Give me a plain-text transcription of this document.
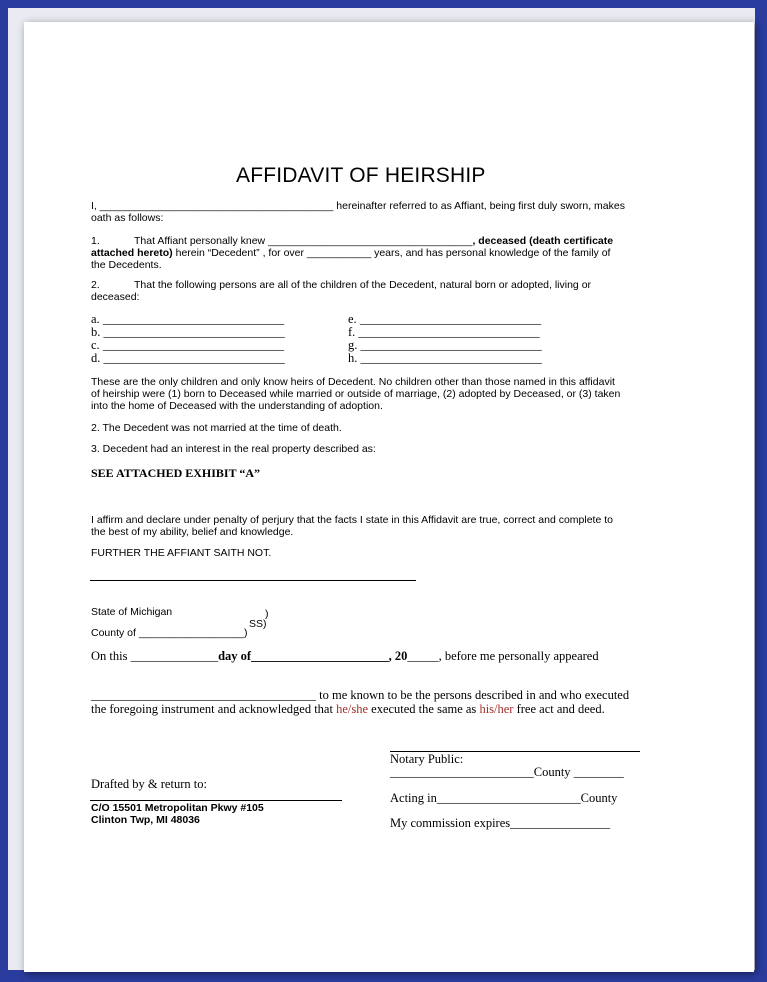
AFFIDAVIT OF HEIRSHIP
I, ________________________________________ hereinafter referred to as Affiant, being first duly sworn, makes
oath as follows:
1.	That Affiant personally knew ___________________________________, deceased (death certificate
attached hereto) herein “Decedent” , for over ___________ years, and has personal knowledge of the family of
the Decedents.
2.	That the following persons are all of the children of the Decedent, natural born or adopted, living or
deceased:
a. _____________________________
b. _____________________________
c. _____________________________
d. _____________________________
e. _____________________________
f. _____________________________
g. _____________________________
h. _____________________________
These are the only children and only know heirs of Decedent. No children other than those named in this affidavit
of heirship were (1) born to Deceased while married or outside of marriage, (2) adopted by Deceased, or (3) taken
into the home of Deceased with the understanding of adoption.
2. The Decedent was not married at the time of death.
3. Decedent had an interest in the real property described as:
SEE ATTACHED EXHIBIT “A”
I affirm and declare under penalty of perjury that the facts I state in this Affidavit are true, correct and complete to
the best of my ability, belief and knowledge.
FURTHER THE AFFIANT SAITH NOT.
State of Michigan	)
SS)
County of __________________)
On this ______________day of______________________, 20_____, before me personally appeared
____________________________________ to me known to be the persons described in and who executed
the foregoing instrument and acknowledged that he/she executed the same as his/her free act and deed.
Notary Public:
_______________________County ________
Acting in_______________________County
My commission expires________________
Drafted by & return to:
C/O 15501 Metropolitan Pkwy #105
Clinton Twp, MI 48036
